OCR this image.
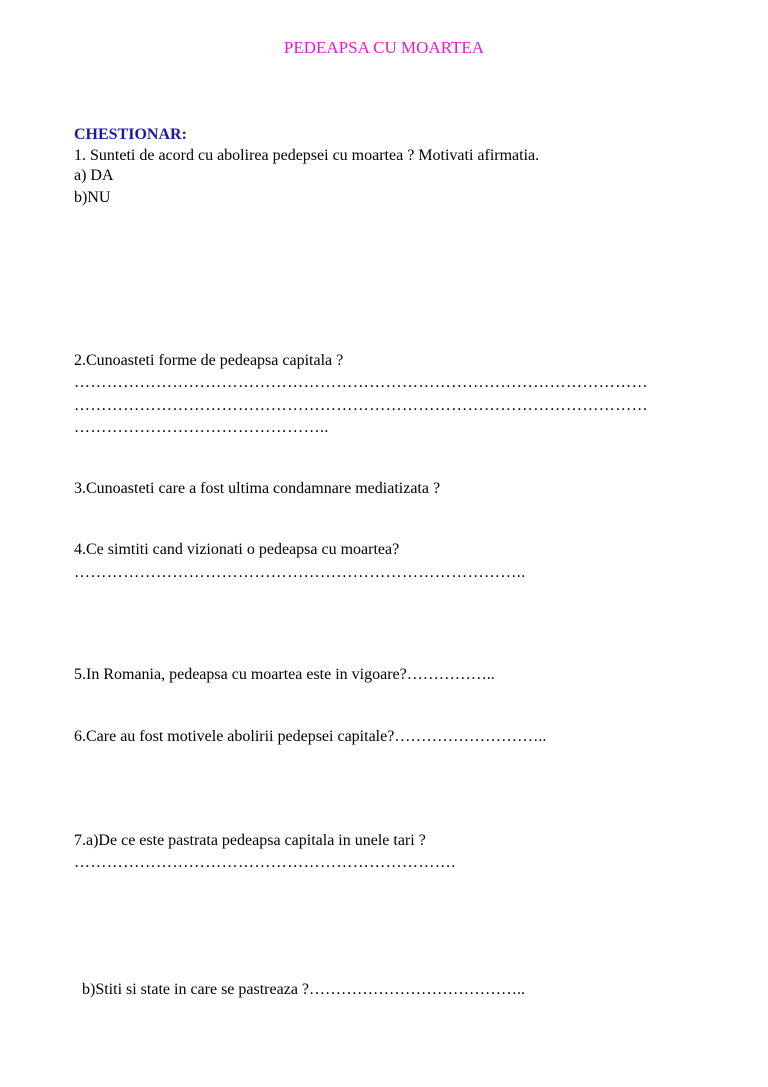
PEDEAPSA CU MOARTEA
CHESTIONAR:
1. Sunteti de acord cu abolirea pedepsei cu moartea ? Motivati afirmatia.
a) DA
b)NU
2.Cunoasteti forme de pedeapsa capitala ?
……………………………………………………………………………………………
……………………………………………………………………………………………
………………………………………..
3.Cunoasteti care a fost ultima condamnare mediatizata ?
4.Ce simtiti cand vizionati o pedeapsa cu moartea?
………………………………………………………………………..
5.In Romania, pedeapsa cu moartea este in vigoare?……………..
6.Care au fost motivele abolirii pedepsei capitale?………………………..
7.a)De ce este pastrata pedeapsa capitala in unele tari ?
…………………………………………………………….
b)Stiti si state in care se pastreaza ?…………………………………..
